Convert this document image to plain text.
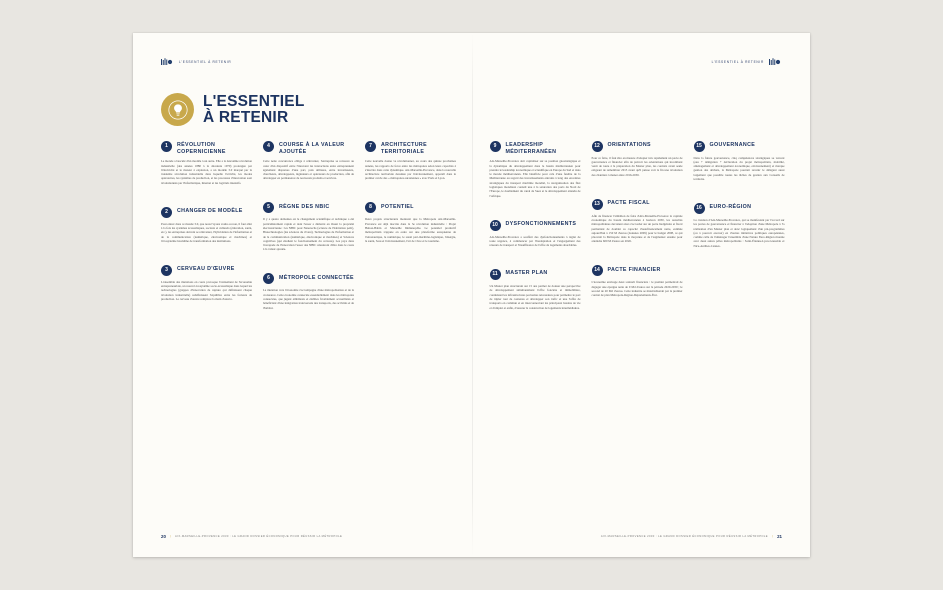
L'ESSENTIEL À RETENIR
L'ESSENTIEL
À RETENIR
1	RÉVOLUTION COPERNICIENNE
Le monde a basculé d'un modèle à un autre. Elle a la deuxième révolution industrielle (des années 1880 à la décennie 1970) prolongée par l'électricité et le moteur à explosion, a un modèle 3.0 marqué par la troisième révolution industrielle dans laquelle l'activité, les modes opératoires, les systèmes de production, et les processus d'innovation sont révolutionnés par l'informatique, Internet et les logiciels intensifs.
2	CHANGER DE MODÈLE
Pour entrer dans ce monde 3.0, que nous l'ayons voulu ou non, il faut aller à la fois les systèmes économiques, sociaux et culturels (éducation, santé, etc.), les entreprises doivent se réinventer, l'hybridation de l'information et de la communication (numérique, électronique et machines) et l'écosystème lui-même de transformation des institutions.
3	CERVEAU D'ŒUVRE
L'ensemble des mutations en cours provoque l'avènement de l'économie entrepreneuriale, un nouvel écosystème socio-économique dans lequel les technologies (grappes d'innovation de rupture qui définissent chaque révolution industrielle) redéfinissent l'équilibre entre les facteurs de production. Le cerveau d'œuvre remplace la main d'œuvre.
4	COURSE À LA VALEUR AJOUTÉE
Cette nette concurrence oblige à réinventer, l'entreprise se retrouve au cœur d'un dispositif entre l'innovant les interactions entre entreprennent également disparues d'une part, puis utilisées, entre investisseurs, chercheurs, développeurs, ingénieurs et opérateurs de production, afin de développer en permanence de nouveaux produits et services.
5	RÈGNE DES NBIC
Il y a quatre domaines où le changement scientifique et technique a été particulièrement rapide et dont l'essor a démarré en Ouest la propriété électronicienne : les NBIC pour Nanotechs (science de l'habitation petit), Biotechnologies (les sciences du vivant), Technologies de l'information et de la communication (numérique, électronique et machines) et Sciences cognitives (qui étudient le fonctionnement du cerveau). Les pays dans l'escapade de l'innovation l'essor des NBIC réussiront d'être dans le cours à la valeur ajoutée.
6	MÉTROPOLE CONNECTÉE
La mutation vers l'économie s'accompagne d'une métropolisation et de la croissance. Cette économie connectée essentiellement dans les métropoles connectées, que jugent ambitieux et établies favablement accueillants et bénéficiant d'une intégration transversale des transports, des activités et de l'habitat.
7	ARCHITECTURE TERRITORIALE
Cette nouvelle donne va révolutionner, au cours des quinze prochaines années, les rapports de force entre les métropoles selon leurs capacités à s'inscrire dans cette dynamique. Aix-Marseille-Provence, dans la nouvelle architecture territoriale dessinée par l'environnement, apparaît dans le premier cercle des « métropoles eurasiennes » avec Paris et Lyon.
8	POTENTIEL
Deux projets structurants montrent que la Métropole Aix-Marseille-Provence est déjà inscrite dans la 3e révolution industrielle : Projet Hénon-Babin et Marseille Immunopôle. Le potentiel productif métropolitain s'appuie en outre sur une plateforme européenne de l'aéronautique, le numérique, le santé part-maritime-logistique, l'énergie, la santé, l'eau et l'environnement, l'art de vivre et le tourisme.
20 | AIX-MARSEILLE-PROVENCE 2030 : LE GRAND DOSSIER ÉCONOMIQUE POUR RÉUSSIR LA MÉTROPOLE
L'ESSENTIEL À RETENIR
9	LEADERSHIP MÉDITERRANÉEN
Aix-Marseille-Provence doit capitaliser sur sa position géostratégique et la dynamique du développement dans le bassin méditerranéen pour prendre le leadership économique et scientifique en Europe du Sud et dans le monde méditerranéen. Elle bénéficie pour cela d'une fenêtre de la Méditerranée au regard des investissements entrants à long des enceintes stratégiques du transport maritime mondial, la réorganisation des flux logistiques mondiaux connaît une à la saturation des ports du Nord de l'Europe, le doublement du canal de Suez et le développement attendu de l'Afrique.
10	DYSFONCTIONNEMENTS
Aix-Marseille-Provence a souffert des dysfonctionnements à régler de toute urgence, à commencer par l'inadaptation et l'engorgement des réseaux de transport et l'insuffisance de l'offre de logements abordables.
11	MASTER PLAN
Un Master plan structurant sur 15 ans permet de donner une perspective de développement simultanément l'offre foncière et immobilière, conduisant les infrastructures portuaires nécessaires pour permettre le port de tripler tout de contenus et développer son trafic et une l'offre de transports en commun et en interconnectant les principaux bassins de vie et d'emploi et enfin, d'assurer la construction de logements intermédiaires.
12	ORIENTATIONS
Pour ce faire, il faut être en mesure d'adopter très rapidement un pacte de gouvernance et financier afin de prévoir les orientations qui incombent venir de toute à la préparation du Master plan, les contrats avant seule exigeant de remembrer 2015 avant qu'il puisse voir la fin une révolution des chantiers à mener entre 2016-2030.
13	PACTE FISCAL
Afin de financer l'ambition de faire d'Aix-Marseille-Provence la capitale économique du bassin méditerranéen à horizon 2030, les autorités métropolitaines devraient alors s'accorder sur un pacte budgétaire et fiscal permettant de doubler sa capacité d'autofinancement nette, estimée aujourd'hui à 150 M d'euros (données 2009) pour le budget 2008, ce qui placerait la Métropole dans la moyenne et de l'augmenter ensuite pour atteindre 600 M d'euros en 2026.
14	PACTE FINANCIER
L'économie envisage deux scénarii financiers : le premier permettrait de dégager une épargne nette de 9 Md d'euros sur la période 2020-2030 ; le second de 20 Md d'euros. Cette industrie se matérialiserait par le premier contrat de plan Métropole-Région-Départements-État.
15	GOUVERNANCE
Dans la future gouvernance, cinq compétences stratégiques se verront (eau + délégation + déclaration du projet métropolitain, mobilité, aménagement et développement économique, environnement) et marque gestion des déchets, la Métropole pourrait revenir le délégant aussi largement que possible toutes les tâches de gestion aux Conseils de territoire.
16	EURO-RÉGION
La création d'Aix-Marseille-Provence, qui se manifestant par l'accord sur les pactes de gouvernance et financier à l'adoption d'une Métropole à l'a réalisation d'un Master plan et donc logiquement d'un pré-programmes (ou à pouvoir exercer) en d'autres initiatives politiques européennes, comme celle de l'aménager l'ensemble d'une Nature Euro-Région montée avec deux autres pôles métropolitains : Saint-Étienne-Lyon-Grenoble et Nice-Antibes-Cannes.
AIX-MARSEILLE-PROVENCE 2030 : LE GRAND DOSSIER ÉCONOMIQUE POUR RÉUSSIR LA MÉTROPOLE | 21
